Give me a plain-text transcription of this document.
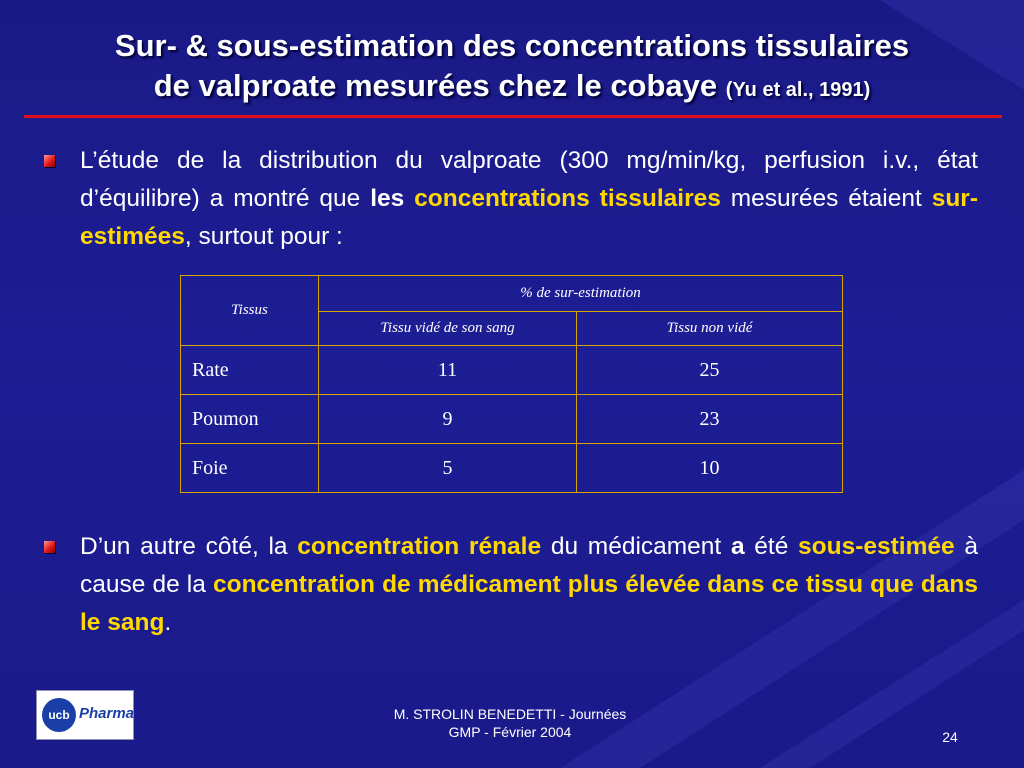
Sur- & sous-estimation des concentrations tissulaires
de valproate mesurées chez le cobaye (Yu et al., 1991)
L’étude de la distribution du valproate (300 mg/min/kg, perfusion i.v., état d’équilibre) a montré que les concentrations tissulaires mesurées étaient sur-estimées, surtout pour :
Tissus	% de sur-estimation	
	Tissu vidé de son sang	Tissu non vidé
Rate	11	25
Poumon	9	23
Foie	5	10
D’un autre côté, la concentration rénale du médicament a été sous-estimée à cause de la concentration de médicament plus élevée dans ce tissu que dans le sang.
ucb Pharma	M. STROLIN BENEDETTI - Journées
GMP - Février 2004	24
